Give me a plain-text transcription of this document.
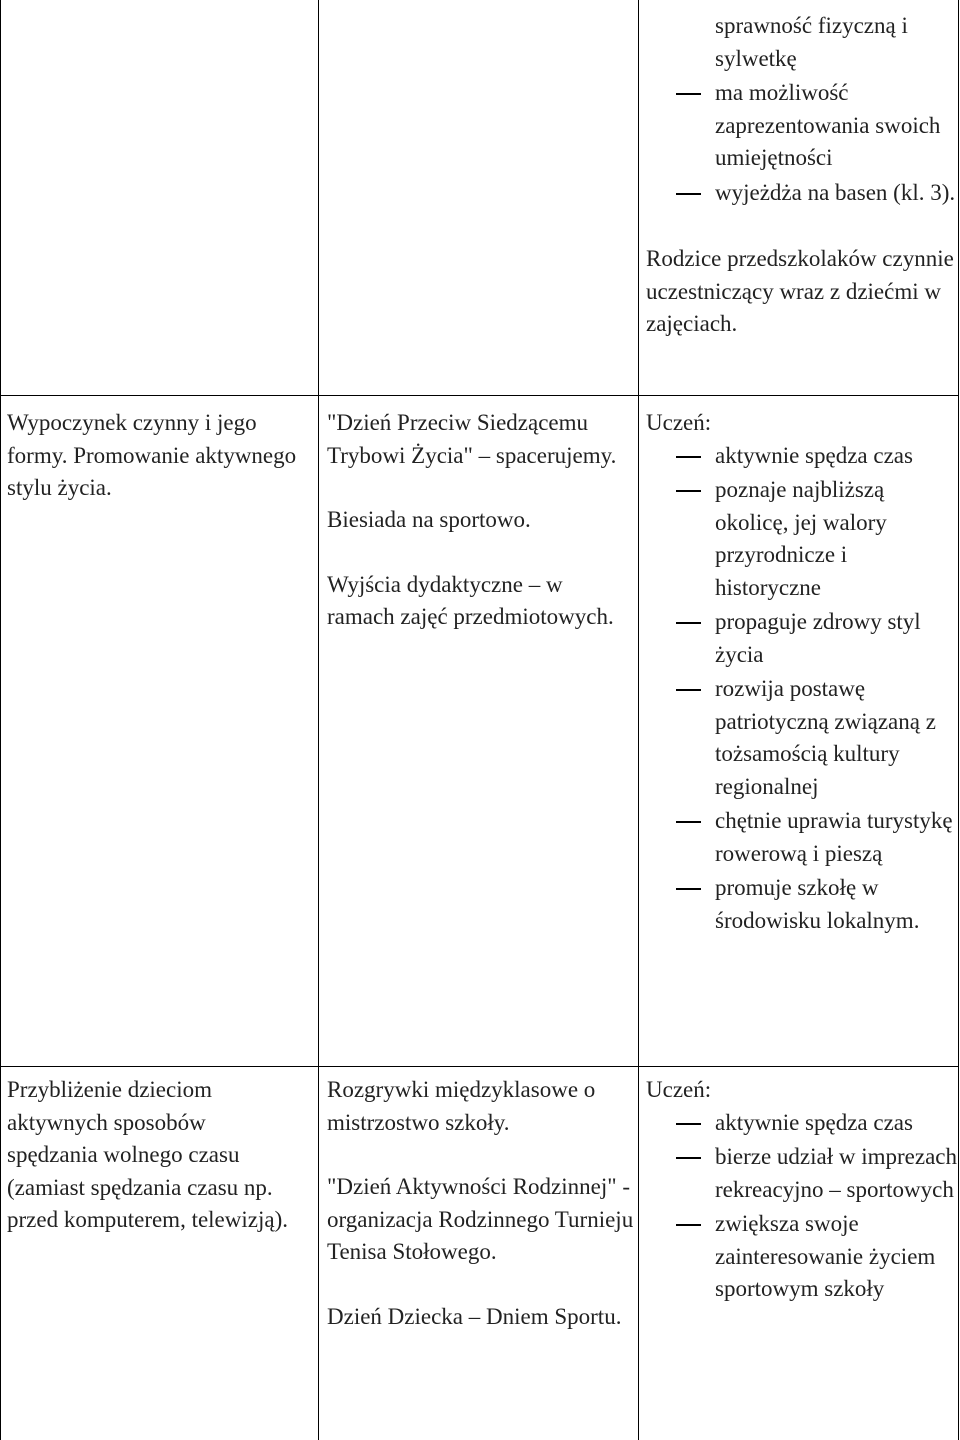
sprawność fizyczną i
sylwetkę
ma możliwość zaprezentowania swoich umiejętności
wyjeżdża na basen (kl. 3).

Rodzice przedszkolaków czynnie uczestniczący wraz z dziećmi w zajęciach.

Wypoczynek czynny i jego formy. Promowanie aktywnego stylu życia.

"Dzień Przeciw Siedzącemu Trybowi Życia" – spacerujemy.

Biesiada na sportowo.

Wyjścia dydaktyczne – w ramach zajęć przedmiotowych.

Uczeń:
aktywnie spędza czas
poznaje najbliższą okolicę, jej walory przyrodnicze i historyczne
propaguje zdrowy styl życia
rozwija postawę patriotyczną związaną z tożsamością kultury regionalnej
chętnie uprawia turystykę rowerową i pieszą
promuje szkołę w środowisku lokalnym.

Przybliżenie dzieciom aktywnych sposobów spędzania wolnego czasu (zamiast spędzania czasu np. przed komputerem, telewizją).

Rozgrywki międzyklasowe o mistrzostwo szkoły.

"Dzień Aktywności Rodzinnej" - organizacja Rodzinnego Turnieju Tenisa Stołowego.

Dzień Dziecka – Dniem Sportu.

Uczeń:
aktywnie spędza czas
bierze udział w imprezach rekreacyjno – sportowych
zwiększa swoje zainteresowanie życiem sportowym szkoły
